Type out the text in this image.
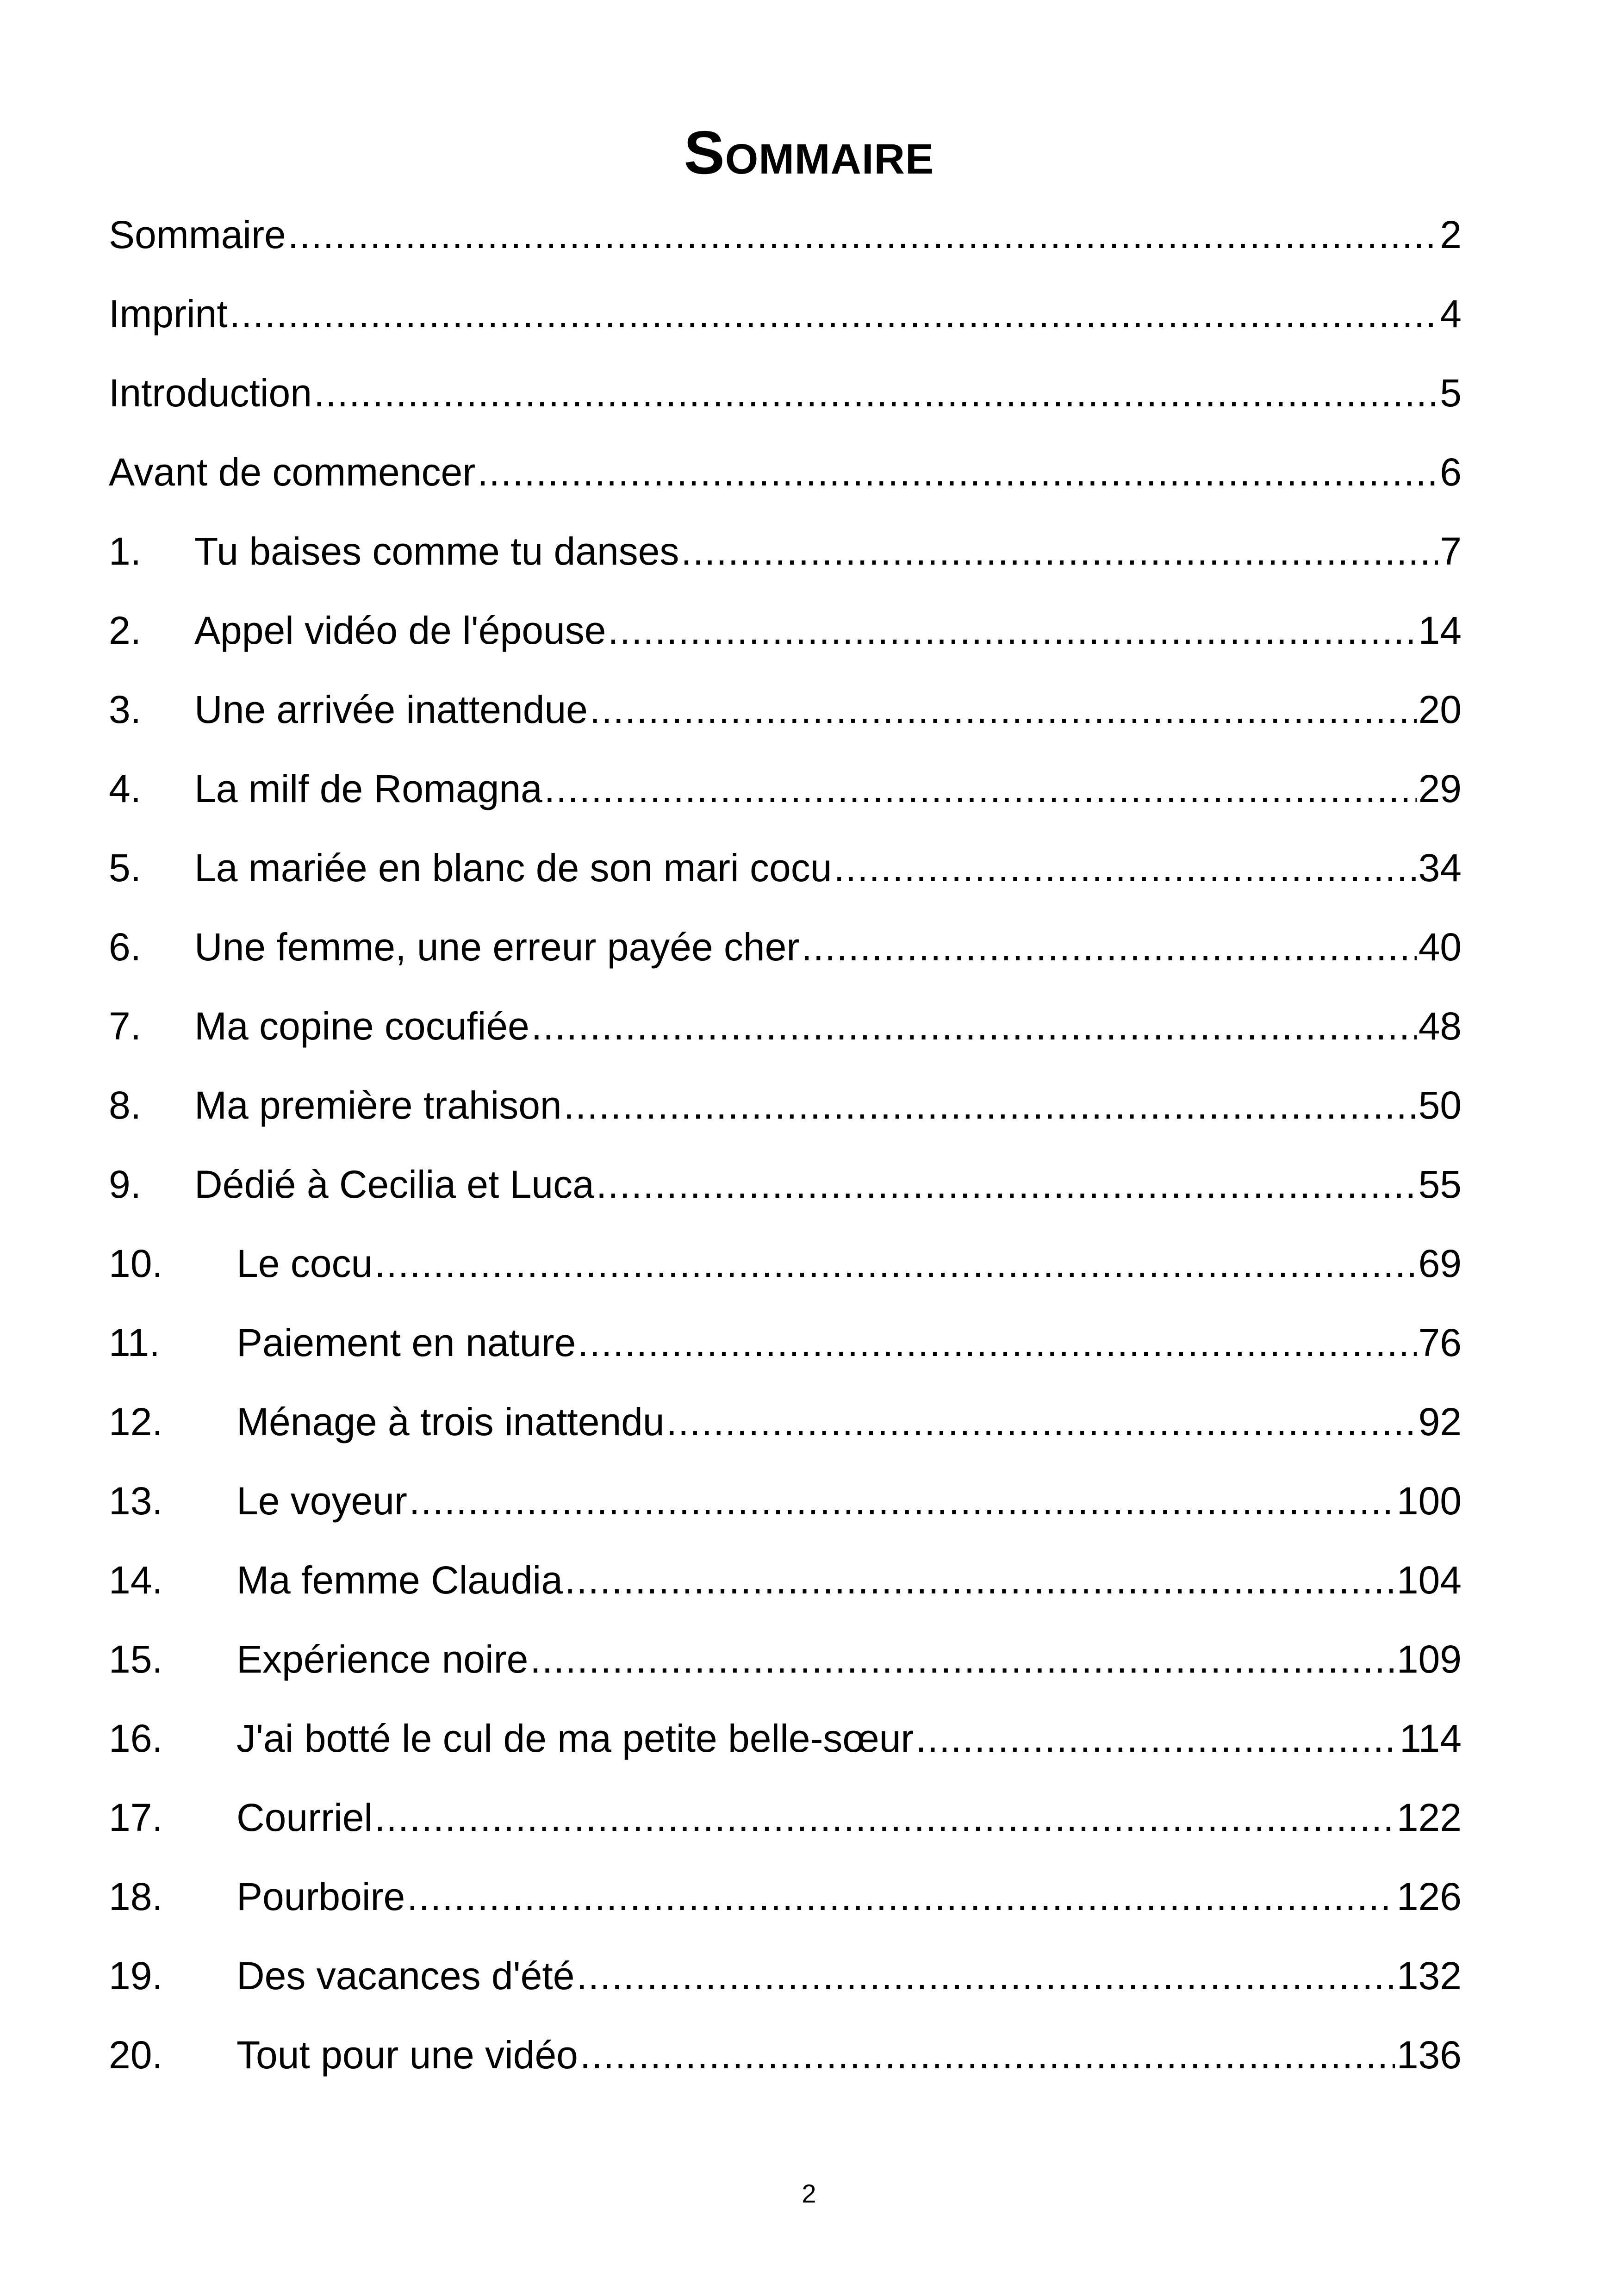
Sommaire
Sommaire .....	2
Imprint .....	4
Introduction .....	5
Avant de commencer .....	6
1.	Tu baises comme tu danses .....	7
2.	Appel vidéo de l'épouse .....	14
3.	Une arrivée inattendue .....	20
4.	La milf de Romagna .....	29
5.	La mariée en blanc de son mari cocu .....	34
6.	Une femme, une erreur payée cher .....	40
7.	Ma copine cocufiée .....	48
8.	Ma première trahison .....	50
9.	Dédié à Cecilia et Luca .....	55
10.	Le cocu .....	69
11.	Paiement en nature .....	76
12.	Ménage à trois inattendu .....	92
13.	Le voyeur .....	100
14.	Ma femme Claudia .....	104
15.	Expérience noire .....	109
16.	J'ai botté le cul de ma petite belle-sœur .....	114
17.	Courriel .....	122
18.	Pourboire .....	126
19.	Des vacances d'été .....	132
20.	Tout pour une vidéo .....	136
2
